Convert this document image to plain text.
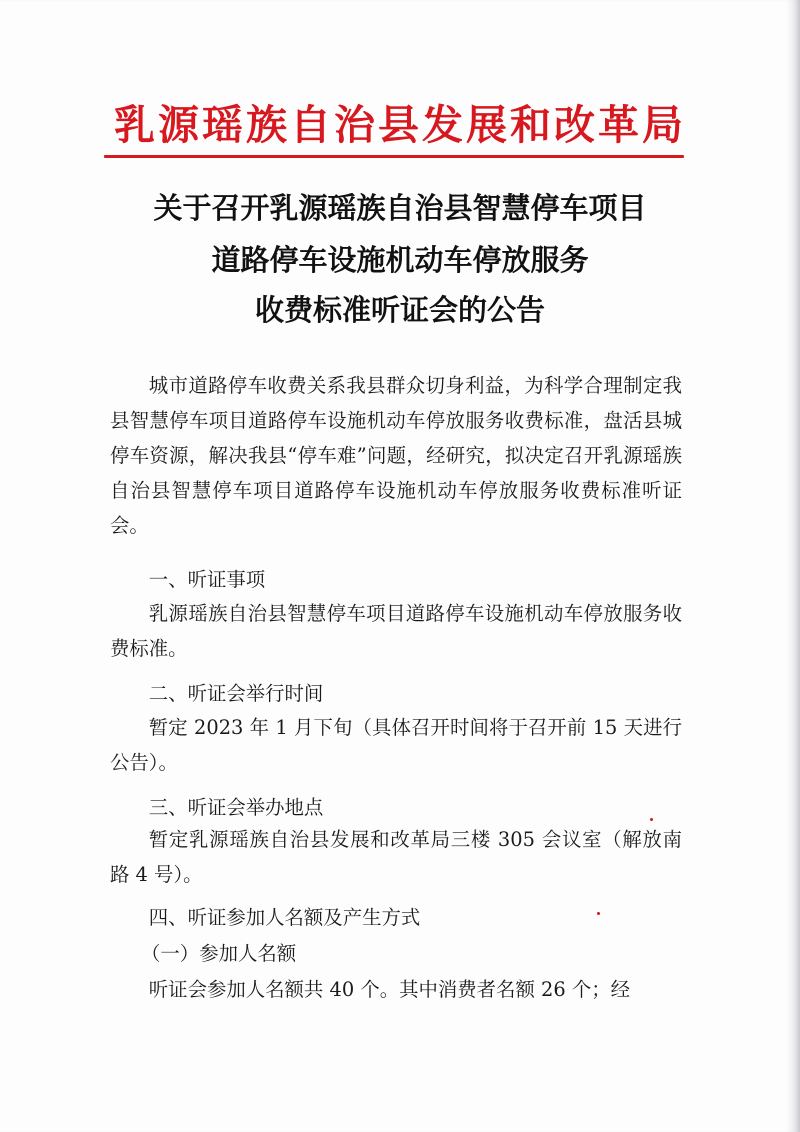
乳源瑶族自治县发展和改革局
关于召开乳源瑶族自治县智慧停车项目
道路停车设施机动车停放服务
收费标准听证会的公告

城市道路停车收费关系我县群众切身利益，为科学合理制定我县智慧停车项目道路停车设施机动车停放服务收费标准，盘活县城停车资源，解决我县“停车难”问题，经研究，拟决定召开乳源瑶族自治县智慧停车项目道路停车设施机动车停放服务收费标准听证会。

一、听证事项

乳源瑶族自治县智慧停车项目道路停车设施机动车停放服务收费标准。

二、听证会举行时间

暂定 2023 年 1 月下旬（具体召开时间将于召开前 15 天进行公告）。

三、听证会举办地点

暂定乳源瑶族自治县发展和改革局三楼 305 会议室（解放南路 4 号）。

四、听证参加人名额及产生方式

（一）参加人名额

听证会参加人名额共 40 个。其中消费者名额 26 个；经
